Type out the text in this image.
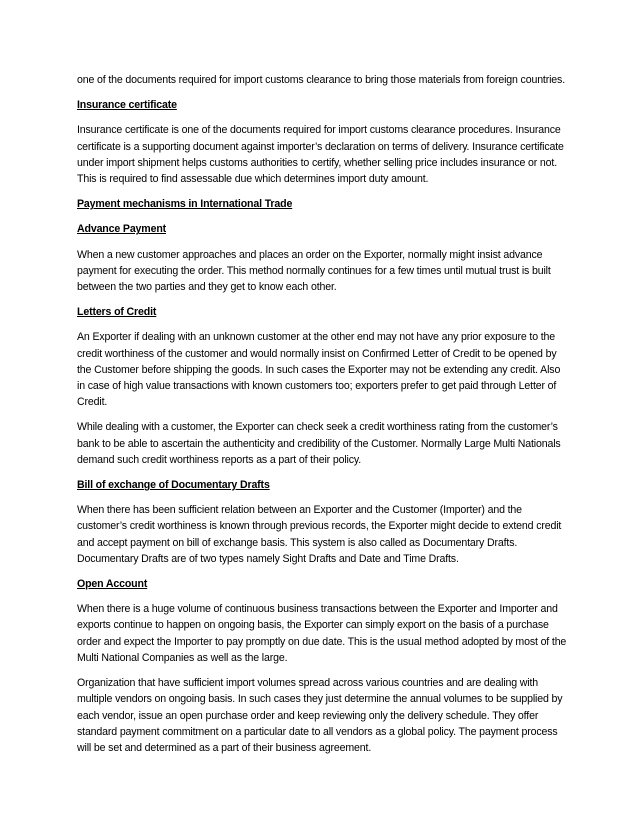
one of the documents required for import customs clearance to bring those materials from foreign countries.

Insurance certificate

Insurance certificate is one of the documents required for import customs clearance procedures. Insurance certificate is a supporting document against importer’s declaration on terms of delivery. Insurance certificate under import shipment helps customs authorities to certify, whether selling price includes insurance or not. This is required to find assessable due which determines import duty amount.

Payment mechanisms in International Trade
Advance Payment

When a new customer approaches and places an order on the Exporter, normally might insist advance payment for executing the order. This method normally continues for a few times until mutual trust is built between the two parties and they get to know each other.

Letters of Credit

An Exporter if dealing with an unknown customer at the other end may not have any prior exposure to the credit worthiness of the customer and would normally insist on Confirmed Letter of Credit to be opened by the Customer before shipping the goods. In such cases the Exporter may not be extending any credit. Also in case of high value transactions with known customers too; exporters prefer to get paid through Letter of Credit.

While dealing with a customer, the Exporter can check seek a credit worthiness rating from the customer’s bank to be able to ascertain the authenticity and credibility of the Customer. Normally Large Multi Nationals demand such credit worthiness reports as a part of their policy.

Bill of exchange of Documentary Drafts

When there has been sufficient relation between an Exporter and the Customer (Importer) and the customer’s credit worthiness is known through previous records, the Exporter might decide to extend credit and accept payment on bill of exchange basis. This system is also called as Documentary Drafts. Documentary Drafts are of two types namely Sight Drafts and Date and Time Drafts.

Open Account

When there is a huge volume of continuous business transactions between the Exporter and Importer and exports continue to happen on ongoing basis, the Exporter can simply export on the basis of a purchase order and expect the Importer to pay promptly on due date. This is the usual method adopted by most of the Multi National Companies as well as the large.

Organization that have sufficient import volumes spread across various countries and are dealing with multiple vendors on ongoing basis. In such cases they just determine the annual volumes to be supplied by each vendor, issue an open purchase order and keep reviewing only the delivery schedule. They offer standard payment commitment on a particular date to all vendors as a global policy. The payment process will be set and determined as a part of their business agreement.
